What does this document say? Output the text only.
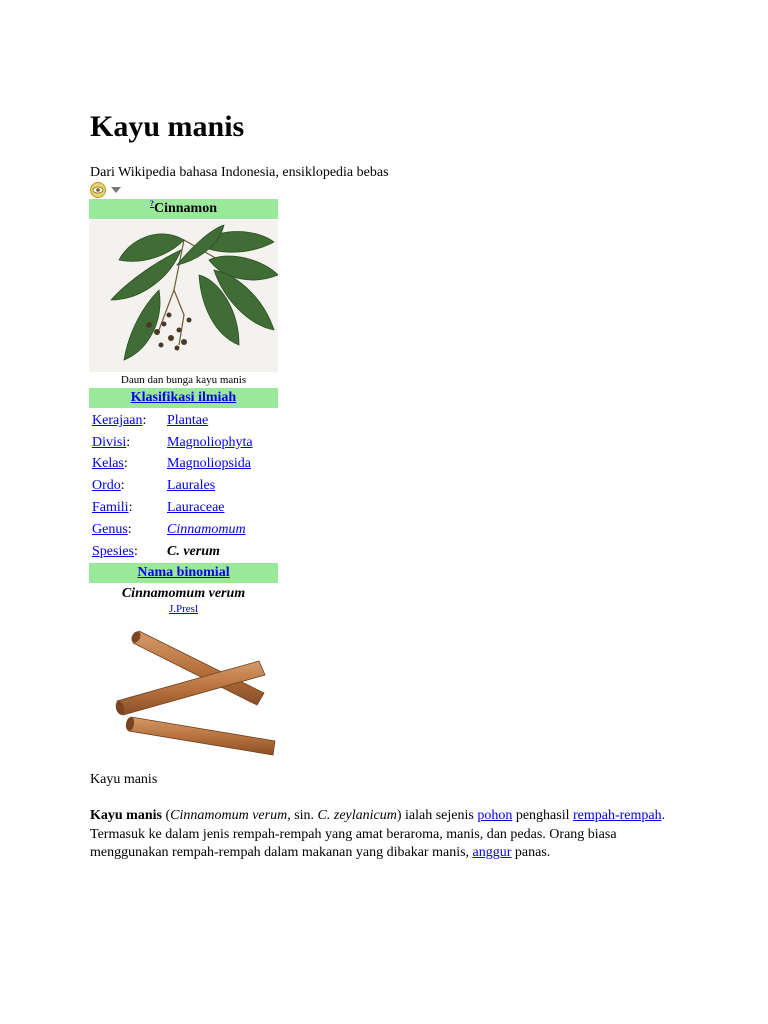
Kayu manis
Dari Wikipedia bahasa Indonesia, ensiklopedia bebas
?Cinnamon
Daun dan bunga kayu manis
Klasifikasi ilmiah
Kerajaan:	Plantae
Divisi:	Magnoliophyta
Kelas:	Magnoliopsida
Ordo:	Laurales
Famili:	Lauraceae
Genus:	Cinnamomum
Spesies:	C. verum
Nama binomial
Cinnamomum verum
J.Presl
Kayu manis

Kayu manis (Cinnamomum verum, sin. C. zeylanicum) ialah sejenis pohon penghasil rempah-rempah. Termasuk ke dalam jenis rempah-rempah yang amat beraroma, manis, dan pedas. Orang biasa menggunakan rempah-rempah dalam makanan yang dibakar manis, anggur panas.
